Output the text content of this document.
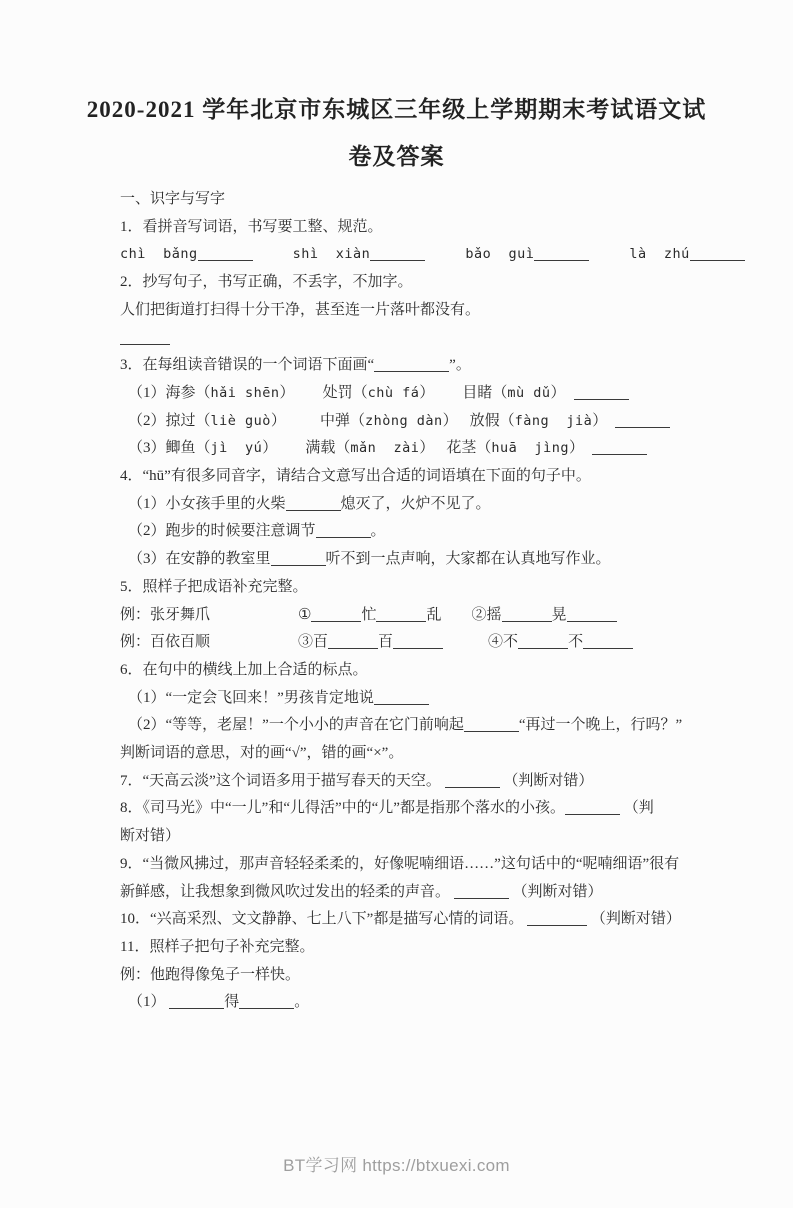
2020-2021 学年北京市东城区三年级上学期期末考试语文试
卷及答案
一、识字与写字
1．看拼音写词语，书写要工整、规范。
chì  bǎng	shì  xiàn	bǎo  guì	là  zhú
2．抄写句子，书写正确，不丢字，不加字。
人们把街道打扫得十分干净，甚至连一片落叶都没有。
3．在每组读音错误的一个词语下面画“	”。
（1）海参（hǎi shēn） 处罚（chù fá） 目睹（mù dǔ）
（2）掠过（liè guò） 中弹（zhòng dàn） 放假（fàng  jià）
（3）鲫鱼（jì  yú） 满载（mǎn  zài） 花茎（huā  jìng）
4．“hū”有很多同音字，请结合文意写出合适的词语填在下面的句子中。
（1）小女孩手里的火柴	熄灭了，火炉不见了。
（2）跑步的时候要注意调节	。
（3）在安静的教室里	听不到一点声响，大家都在认真地写作业。
5．照样子把成语补充完整。
例：张牙舞爪	①	忙	乱 ②摇	晃
例：百依百顺	③百	百	④不	不
6．在句中的横线上加上合适的标点。
（1）“一定会飞回来！”男孩肯定地说
（2）“等等，老屋！”一个小小的声音在它门前响起	“再过一个晚上，行吗？”
判断词语的意思，对的画“√”，错的画“×”。
7．“天高云淡”这个词语多用于描写春天的天空。	（判断对错）
8．《司马光》中“一儿”和“儿得活”中的“儿”都是指那个落水的小孩。	（判
断对错）
9．“当微风拂过，那声音轻轻柔柔的，好像呢喃细语……”这句话中的“呢喃细语”很有
新鲜感，让我想象到微风吹过发出的轻柔的声音。	（判断对错）
10．“兴高采烈、文文静静、七上八下”都是描写心情的词语。	（判断对错）
11．照样子把句子补充完整。
例：他跑得像兔子一样快。
（1）	得	。
BT学习网 https://btxuexi.com
